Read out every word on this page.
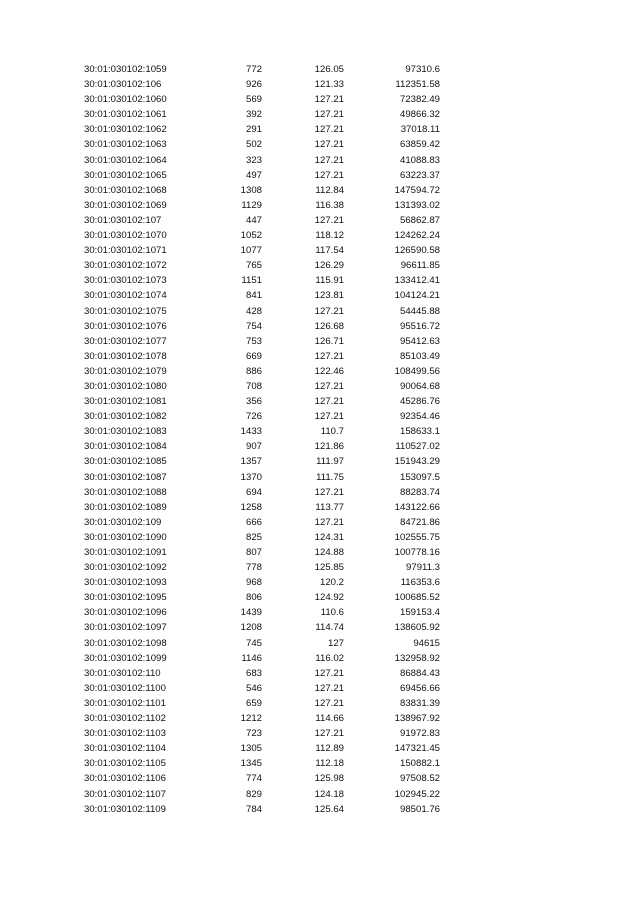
30:01:030102:1059	772	126.05	97310.6
30:01:030102:106	926	121.33	112351.58
30:01:030102:1060	569	127.21	72382.49
30:01:030102:1061	392	127.21	49866.32
30:01:030102:1062	291	127.21	37018.11
30:01:030102:1063	502	127.21	63859.42
30:01:030102:1064	323	127.21	41088.83
30:01:030102:1065	497	127.21	63223.37
30:01:030102:1068	1308	112.84	147594.72
30:01:030102:1069	1129	116.38	131393.02
30:01:030102:107	447	127.21	56862.87
30:01:030102:1070	1052	118.12	124262.24
30:01:030102:1071	1077	117.54	126590.58
30:01:030102:1072	765	126.29	96611.85
30:01:030102:1073	1151	115.91	133412.41
30:01:030102:1074	841	123.81	104124.21
30:01:030102:1075	428	127.21	54445.88
30:01:030102:1076	754	126.68	95516.72
30:01:030102:1077	753	126.71	95412.63
30:01:030102:1078	669	127.21	85103.49
30:01:030102:1079	886	122.46	108499.56
30:01:030102:1080	708	127.21	90064.68
30:01:030102:1081	356	127.21	45286.76
30:01:030102:1082	726	127.21	92354.46
30:01:030102:1083	1433	110.7	158633.1
30:01:030102:1084	907	121.86	110527.02
30:01:030102:1085	1357	111.97	151943.29
30:01:030102:1087	1370	111.75	153097.5
30:01:030102:1088	694	127.21	88283.74
30:01:030102:1089	1258	113.77	143122.66
30:01:030102:109	666	127.21	84721.86
30:01:030102:1090	825	124.31	102555.75
30:01:030102:1091	807	124.88	100778.16
30:01:030102:1092	778	125.85	97911.3
30:01:030102:1093	968	120.2	116353.6
30:01:030102:1095	806	124.92	100685.52
30:01:030102:1096	1439	110.6	159153.4
30:01:030102:1097	1208	114.74	138605.92
30:01:030102:1098	745	127	94615
30:01:030102:1099	1146	116.02	132958.92
30:01:030102:110	683	127.21	86884.43
30:01:030102:1100	546	127.21	69456.66
30:01:030102:1101	659	127.21	83831.39
30:01:030102:1102	1212	114.66	138967.92
30:01:030102:1103	723	127.21	91972.83
30:01:030102:1104	1305	112.89	147321.45
30:01:030102:1105	1345	112.18	150882.1
30:01:030102:1106	774	125.98	97508.52
30:01:030102:1107	829	124.18	102945.22
30:01:030102:1109	784	125.64	98501.76
